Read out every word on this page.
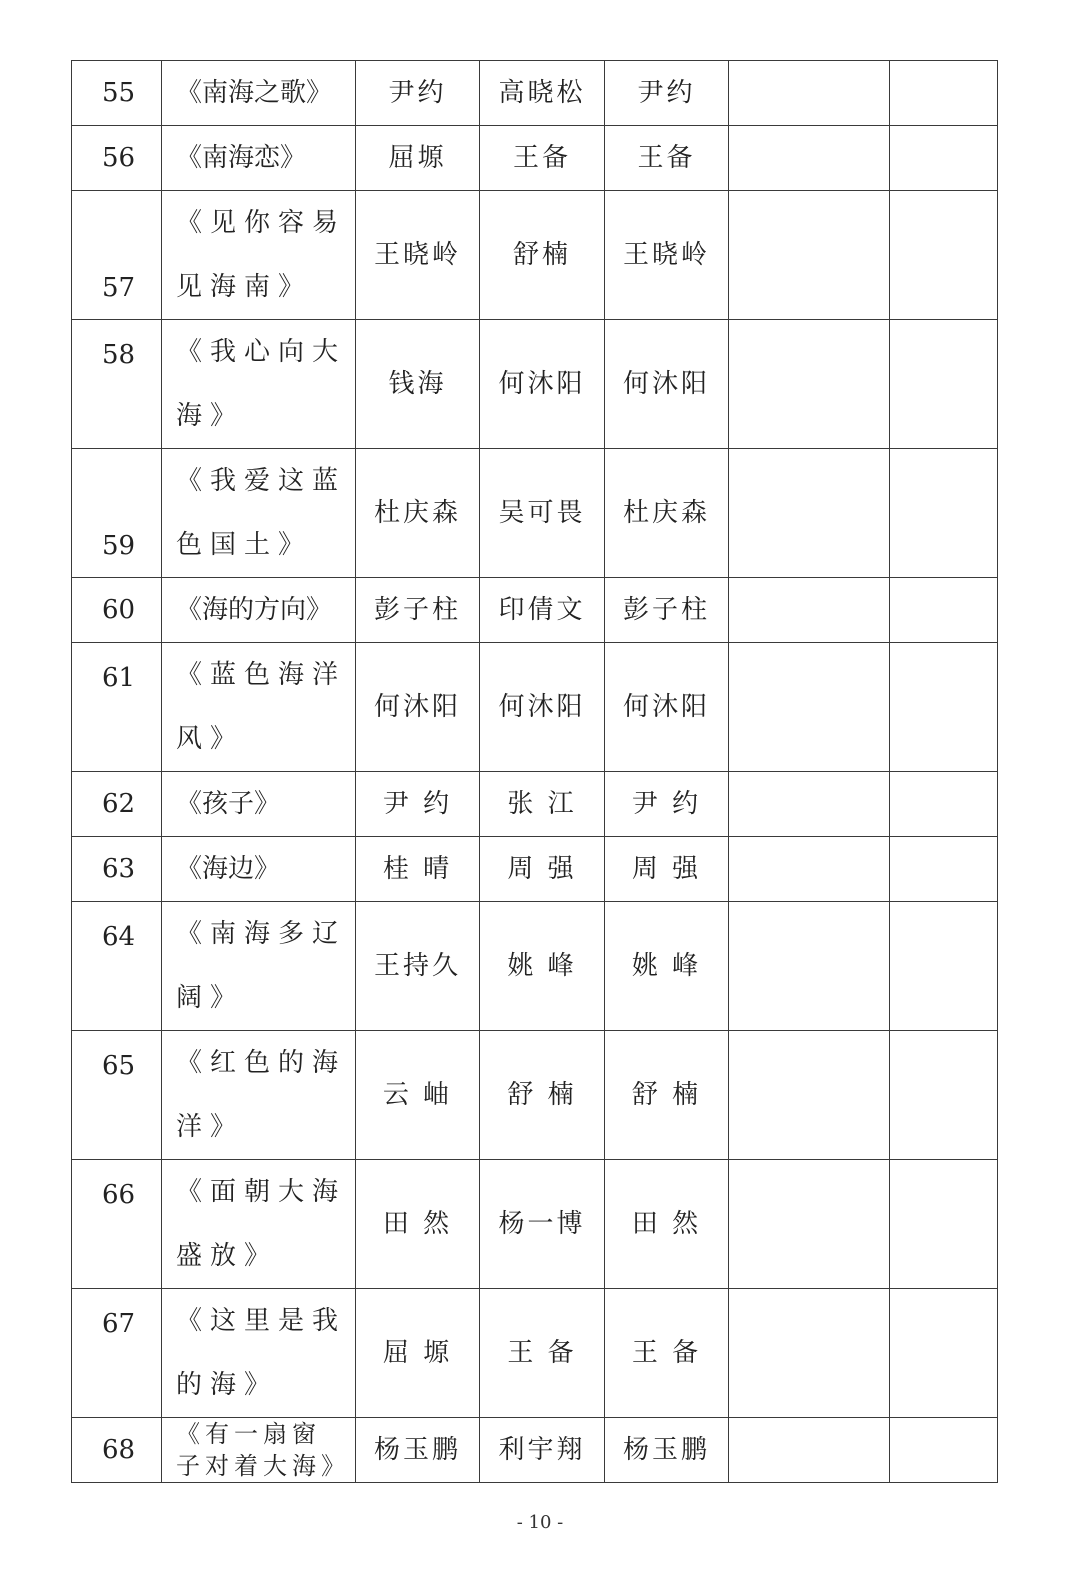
55	《南海之歌》	尹约	高晓松	尹约		
56	《南海恋》	屈塬	王备	王备		
57	《见你容易见海南》	王晓岭	舒楠	王晓岭		
58	《我心向大海》	钱海	何沐阳	何沐阳		
59	《我爱这蓝色国土》	杜庆森	吴可畏	杜庆森		
60	《海的方向》	彭子柱	印倩文	彭子柱		
61	《蓝色海洋风》	何沐阳	何沐阳	何沐阳		
62	《孩子》	尹 约	张 江	尹 约		
63	《海边》	桂 晴	周 强	周 强		
64	《南海多辽阔》	王持久	姚 峰	姚 峰		
65	《红色的海洋》	云 岫	舒 楠	舒 楠		
66	《面朝大海盛放》	田 然	杨一博	田 然		
67	《这里是我的海》	屈 塬	王 备	王 备		
68	《有一扇窗子对着大海》	杨玉鹏	利宇翔	杨玉鹏		
- 10 -
